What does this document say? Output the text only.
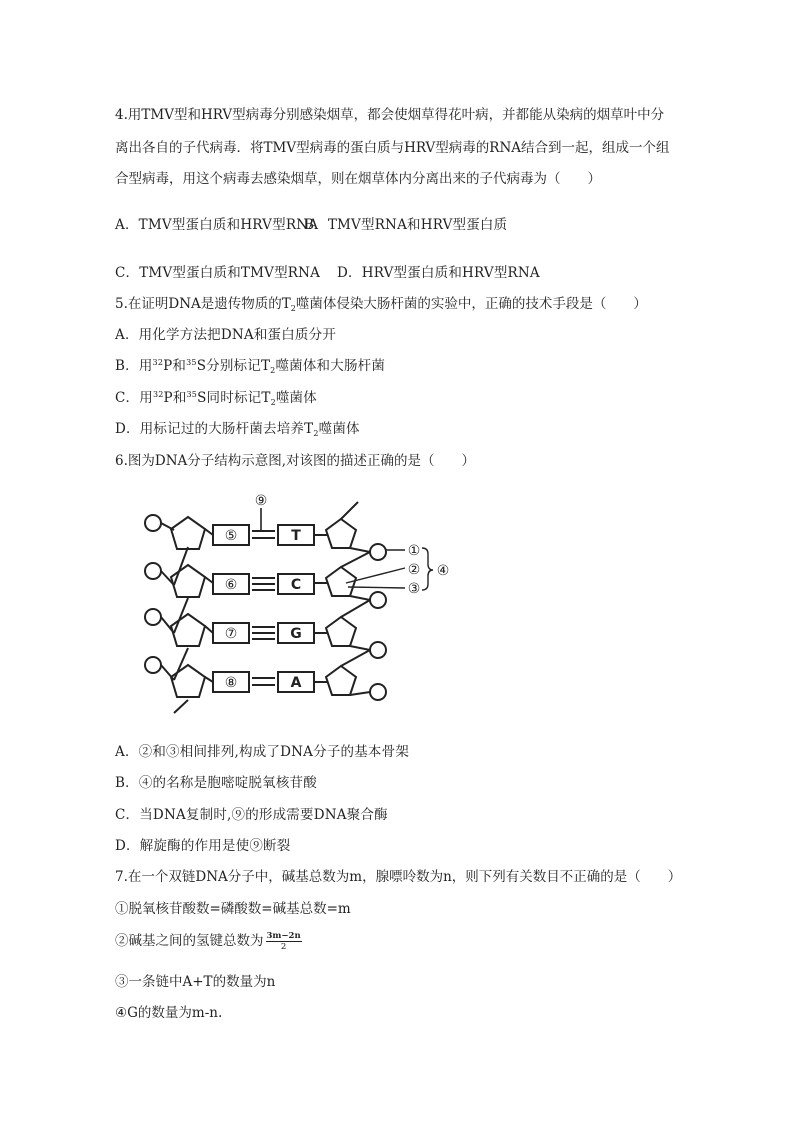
4.用TMV型和HRV型病毒分别感染烟草，都会使烟草得花叶病，并都能从染病的烟草叶中分
离出各自的子代病毒．将TMV型病毒的蛋白质与HRV型病毒的RNA结合到一起，组成一个组
合型病毒，用这个病毒去感染烟草，则在烟草体内分离出来的子代病毒为（　　）
A．TMV型蛋白质和HRV型RNA
B．TMV型RNA和HRV型蛋白质
C．TMV型蛋白质和TMV型RNA D．HRV型蛋白质和HRV型RNA
5.在证明DNA是遗传物质的$T_2$噬菌体侵染大肠杆菌的实验中，正确的技术手段是（　　）
A．用化学方法把DNA和蛋白质分开
B．用$^{32}$P和$^{35}$S分别标记$T_2$噬菌体和大肠杆菌
C．用$^{32}$P和$^{35}$S同时标记$T_2$噬菌体
D．用标记过的大肠杆菌去培养$T_2$噬菌体
6.图为DNA分子结构示意图,对该图的描述正确的是（　　）
⑤
⑥
⑦
⑧
T
C
G
A
⑨
①
②
③
④
A．②和③相间排列,构成了DNA分子的基本骨架
B．④的名称是胞嘧啶脱氧核苷酸
C．当DNA复制时,⑨的形成需要DNA聚合酶
D．解旋酶的作用是使⑨断裂
7.在一个双链DNA分子中，碱基总数为m，腺嘌呤数为n，则下列有关数目不正确的是（　　）
①脱氧核苷酸数=磷酸数=碱基总数=m
②碱基之间的氢键总数为 $\frac{3m-2n}{2}$
③一条链中A+T的数量为n
④G的数量为m-n.
